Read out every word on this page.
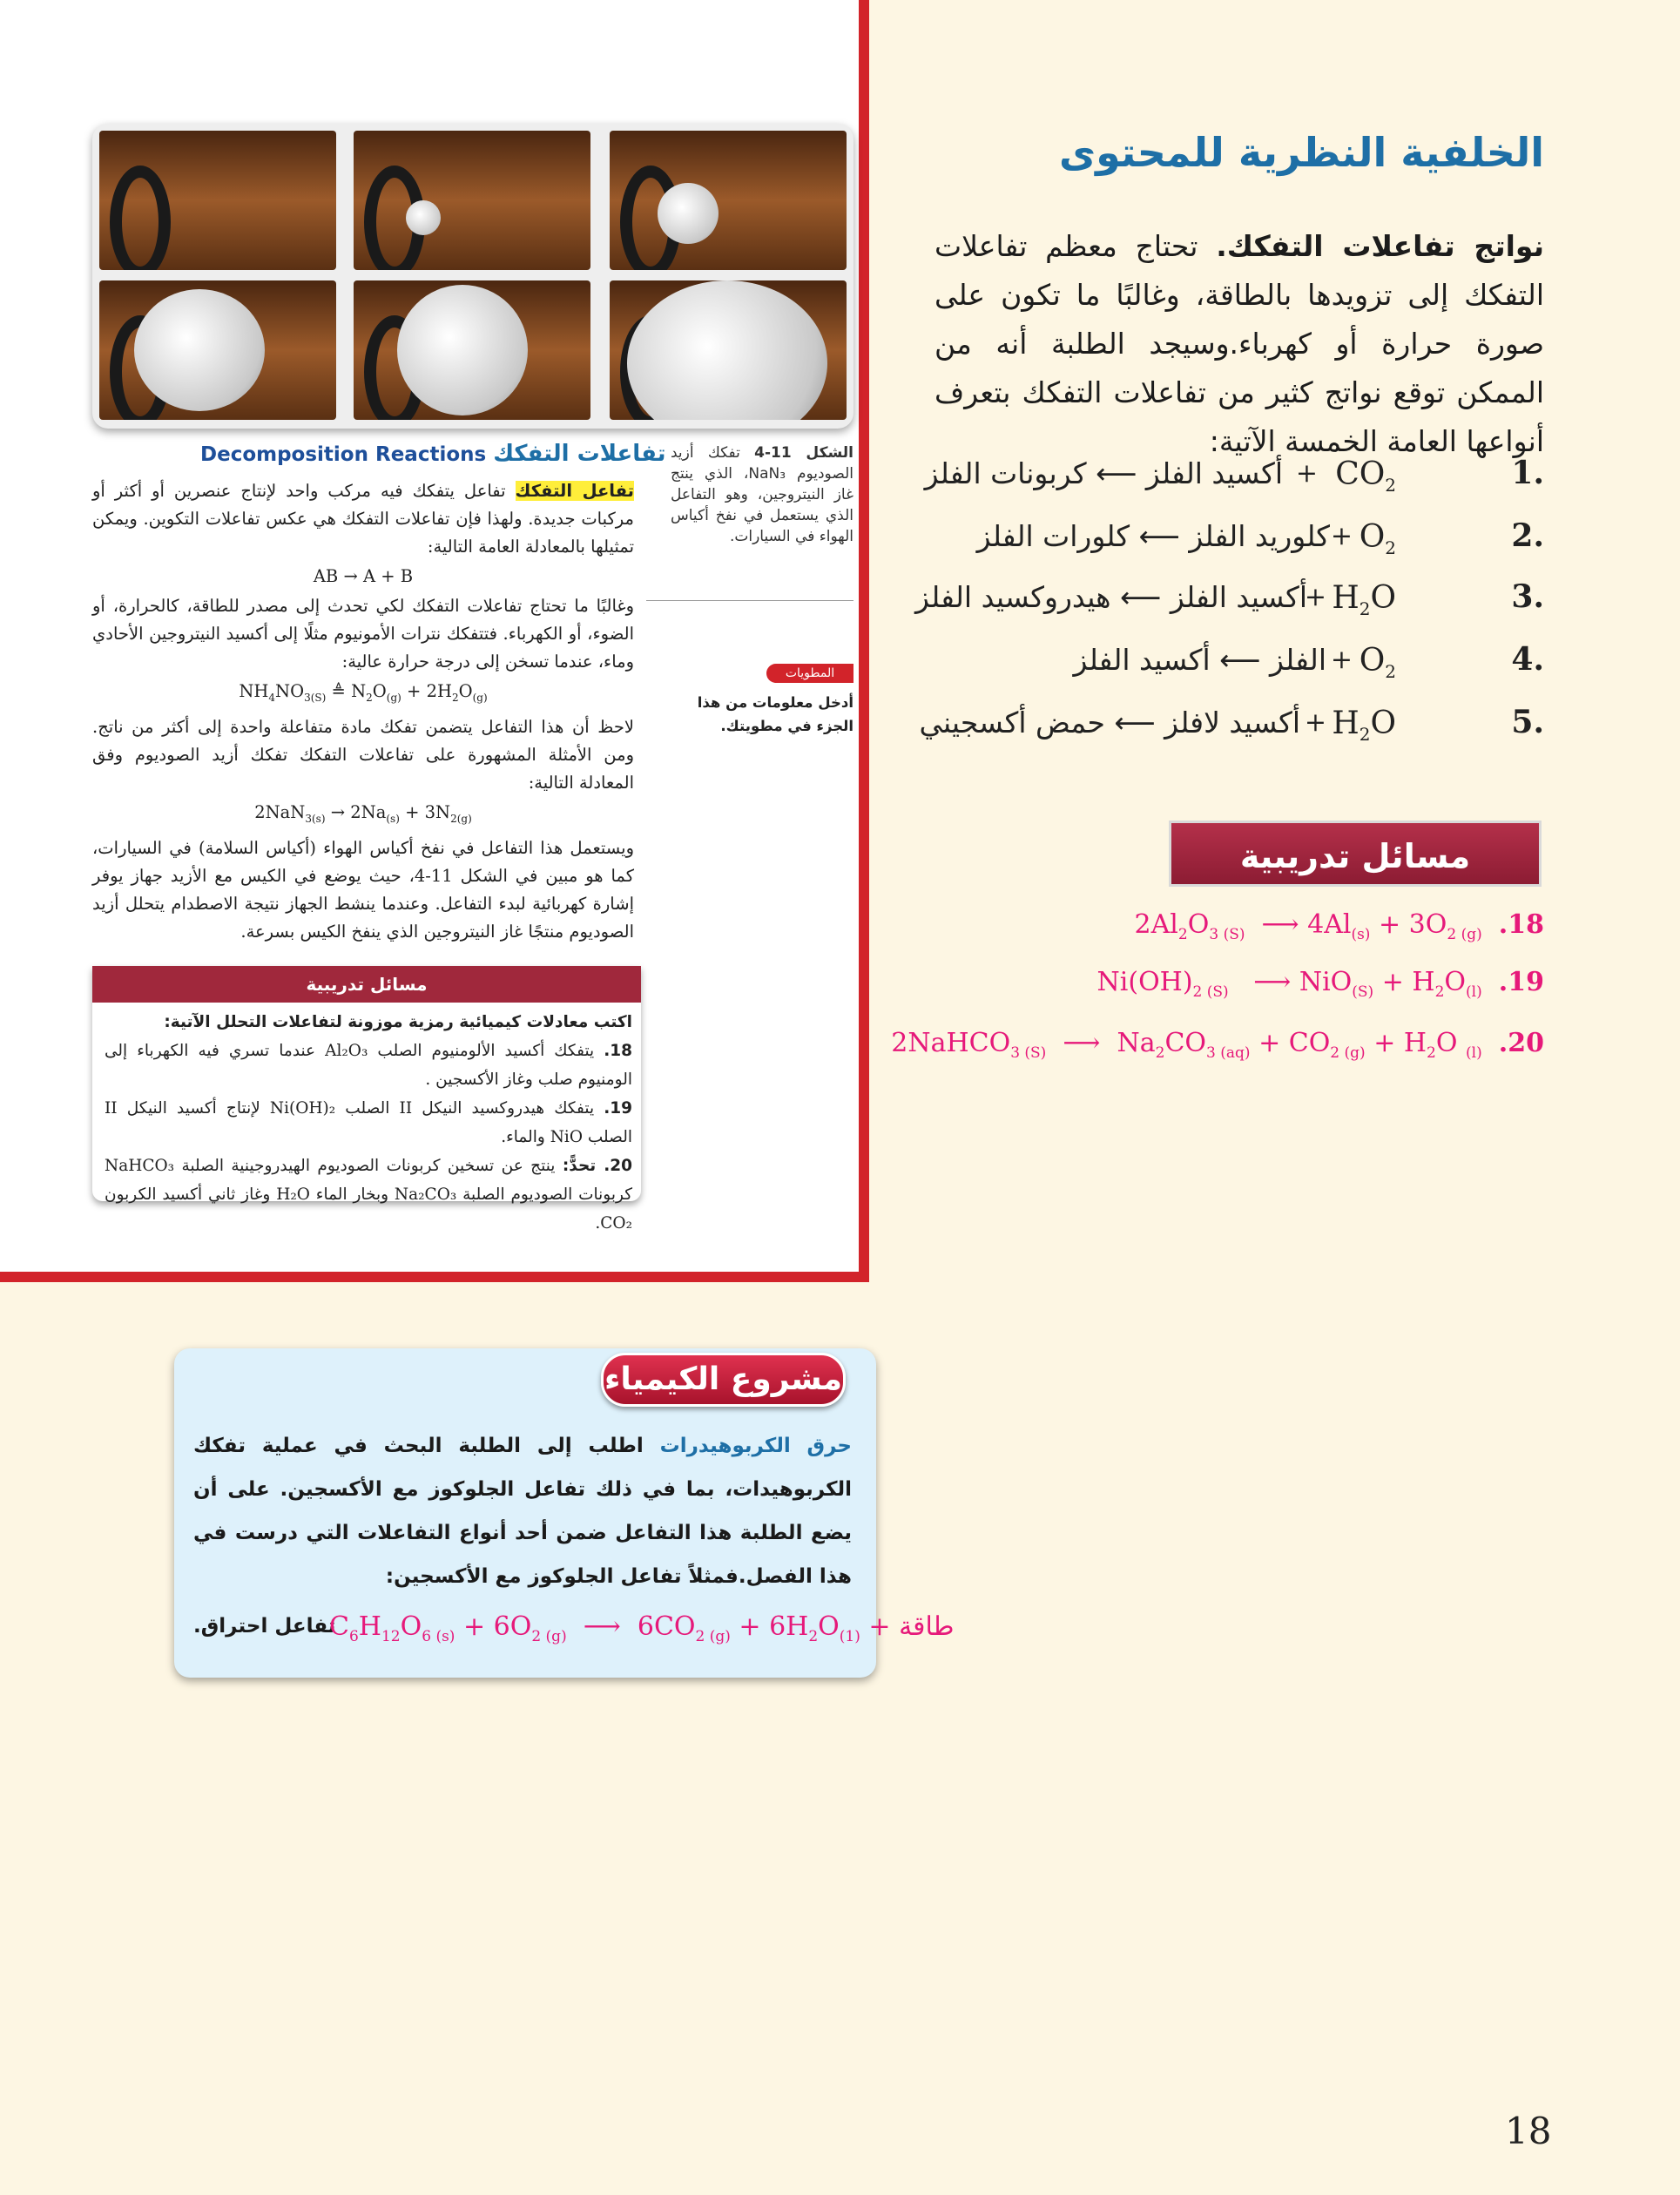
الخلفية النظرية للمحتوى
نواتج تفاعلات التفكك. تحتاج معظم تفاعلات التفكك إلى تزويدها بالطاقة، وغالبًا ما تكون على صورة حرارة أو كهرباء.وسيجد الطلبة أنه من الممكن توقع نواتج كثير من تفاعلات التفكك بتعرف أنواعها العامة الخمسة الآتية:
1.
$CO_2$
+
أكسيد الفلز ⟵ كربونات الفلز
2.
$O_2$
+
كلوريد الفلز ⟵ كلورات الفلز
3.
$H_2O$
+
أكسيد الفلز ⟵ هيدروكسيد الفلز
4.
$O_2$
+
الفلز ⟵ أكسيد الفلز
5.
$H_2O$
+
أكسيد لافلز ⟵ حمض أكسجيني
مسائل تدريبية
$2Al_2O_{3 (S)}$  ⟶ $4Al_{(s)} + 3O_{2 (g)}$ .18
$Ni(OH)_{2 (S)}$   ⟶ $NiO_{(S)} + H_2O_{(l)}$ .19
2NaHCO$_{3 (S)}$  ⟶  $Na_2CO_{3 (aq)} + CO_{2 (g)} + H_2O$ $_{(l)}$ .20
Decomposition Reactions تفاعلات التفكك
تفاعل التفكك تفاعل يتفكك فيه مركب واحد لإنتاج عنصرين أو أكثر أو مركبات جديدة. ولهذا فإن تفاعلات التفكك هي عكس تفاعلات التكوين. ويمكن تمثيلها بالمعادلة العامة التالية:
AB → A + B
وغالبًا ما تحتاج تفاعلات التفكك لكي تحدث إلى مصدر للطاقة، كالحرارة، أو الضوء، أو الكهرباء. فتتفكك نترات الأمونيوم مثلًا إلى أكسيد النيتروجين الأحادي وماء، عندما تسخن إلى درجة حرارة عالية:
$NH_4NO_{3(S)}$ ≜ $N_2O_{(g)} + 2H_2O_{(g)}$
لاحظ أن هذا التفاعل يتضمن تفكك مادة متفاعلة واحدة إلى أكثر من ناتج. ومن الأمثلة المشهورة على تفاعلات التفكك تفكك أزيد الصوديوم وفق المعادلة التالية:
$2NaN_{3(s)} \to 2Na_{(s)} + 3N_{2(g)}$
ويستعمل هذا التفاعل في نفخ أكياس الهواء (أكياس السلامة) في السيارات، كما هو مبين في الشكل 11-4، حيث يوضع في الكيس مع الأزيد جهاز يوفر إشارة كهربائية لبدء التفاعل. وعندما ينشط الجهاز نتيجة الاصطدام يتحلل أزيد الصوديوم منتجًا غاز النيتروجين الذي ينفخ الكيس بسرعة.
الشكل 11-4 تفكك أزيد الصوديوم NaN₃، الذي ينتج غاز النيتروجين، وهو التفاعل الذي يستعمل في نفخ أكياس الهواء في السيارات.
المطويات
أدخل معلومات من هذا الجزء في مطويتك.
مسائل تدريبية
اكتب معادلات كيميائية رمزية موزونة لتفاعلات التحلل الآتية:
18. يتفكك أكسيد الألومنيوم الصلب Al₂O₃ عندما تسري فيه الكهرباء إلى الومنيوم صلب وغاز الأكسجين .
19. يتفكك هيدروكسيد النيكل II الصلب Ni(OH)₂ لإنتاج أكسيد النيكل II الصلب NiO والماء.
20. تحدًّ: ينتج عن تسخين كربونات الصوديوم الهيدروجينية الصلبة NaHCO₃ كربونات الصوديوم الصلبة Na₂CO₃ وبخار الماء H₂O وغاز ثاني أكسيد الكربون CO₂.
مشروع الكيمياء
حرق الكربوهيدرات اطلب إلى الطلبة البحث في عملية تفكك الكربوهيدات، بما في ذلك تفاعل الجلوكوز مع الأكسجين. على أن يضع الطلبة هذا التفاعل ضمن أحد أنواع التفاعلات التي درست في هذا الفصل.فمثلاً تفاعل الجلوكوز مع الأكسجين:
تفاعل احتراق.
$C_6H_{12}O_{6 (s)} + 6O_{2 (g)}$  ⟶  $6CO_{2 (g)} + 6H_2O_{(1)}$ + طاقة
18
